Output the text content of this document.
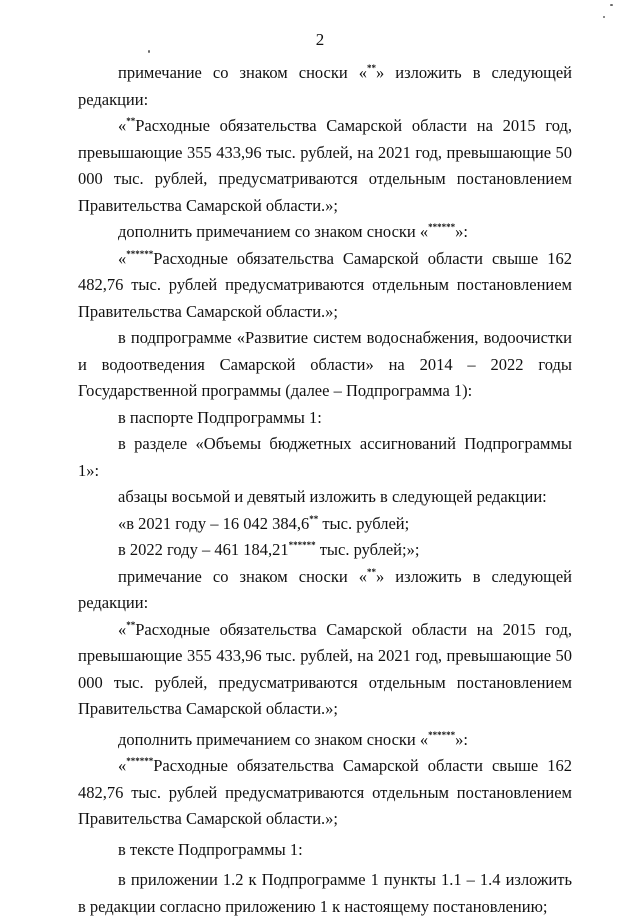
2

примечание со знаком сноски «**» изложить в следующей редакции:

«**Расходные обязательства Самарской области на 2015 год, превышающие 355 433,96 тыс. рублей, на 2021 год, превышающие 50 000 тыс. рублей, предусматриваются отдельным постановлением Правительства Самарской области.»;

дополнить примечанием со знаком сноски «******»:

«******Расходные обязательства Самарской области свыше 162 482,76 тыс. рублей предусматриваются отдельным постановлением Правительства Самарской области.»;

в подпрограмме «Развитие систем водоснабжения, водоочистки и водоотведения Самарской области» на 2014 – 2022 годы Государственной программы (далее – Подпрограмма 1):

в паспорте Подпрограммы 1:

в разделе «Объемы бюджетных ассигнований Подпрограммы 1»:

абзацы восьмой и девятый изложить в следующей редакции:

«в 2021 году – 16 042 384,6** тыс. рублей;

в 2022 году – 461 184,21****** тыс. рублей;»;

примечание со знаком сноски «**» изложить в следующей редакции:

«**Расходные обязательства Самарской области на 2015 год, превышающие 355 433,96 тыс. рублей, на 2021 год, превышающие 50 000 тыс. рублей, предусматриваются отдельным постановлением Правительства Самарской области.»;

дополнить примечанием со знаком сноски «******»:

«******Расходные обязательства Самарской области свыше 162 482,76 тыс. рублей предусматриваются отдельным постановлением Правительства Самарской области.»;

в тексте Подпрограммы 1:

в приложении 1.2 к Подпрограмме 1 пункты 1.1 – 1.4 изложить в редакции согласно приложению 1 к настоящему постановлению;
